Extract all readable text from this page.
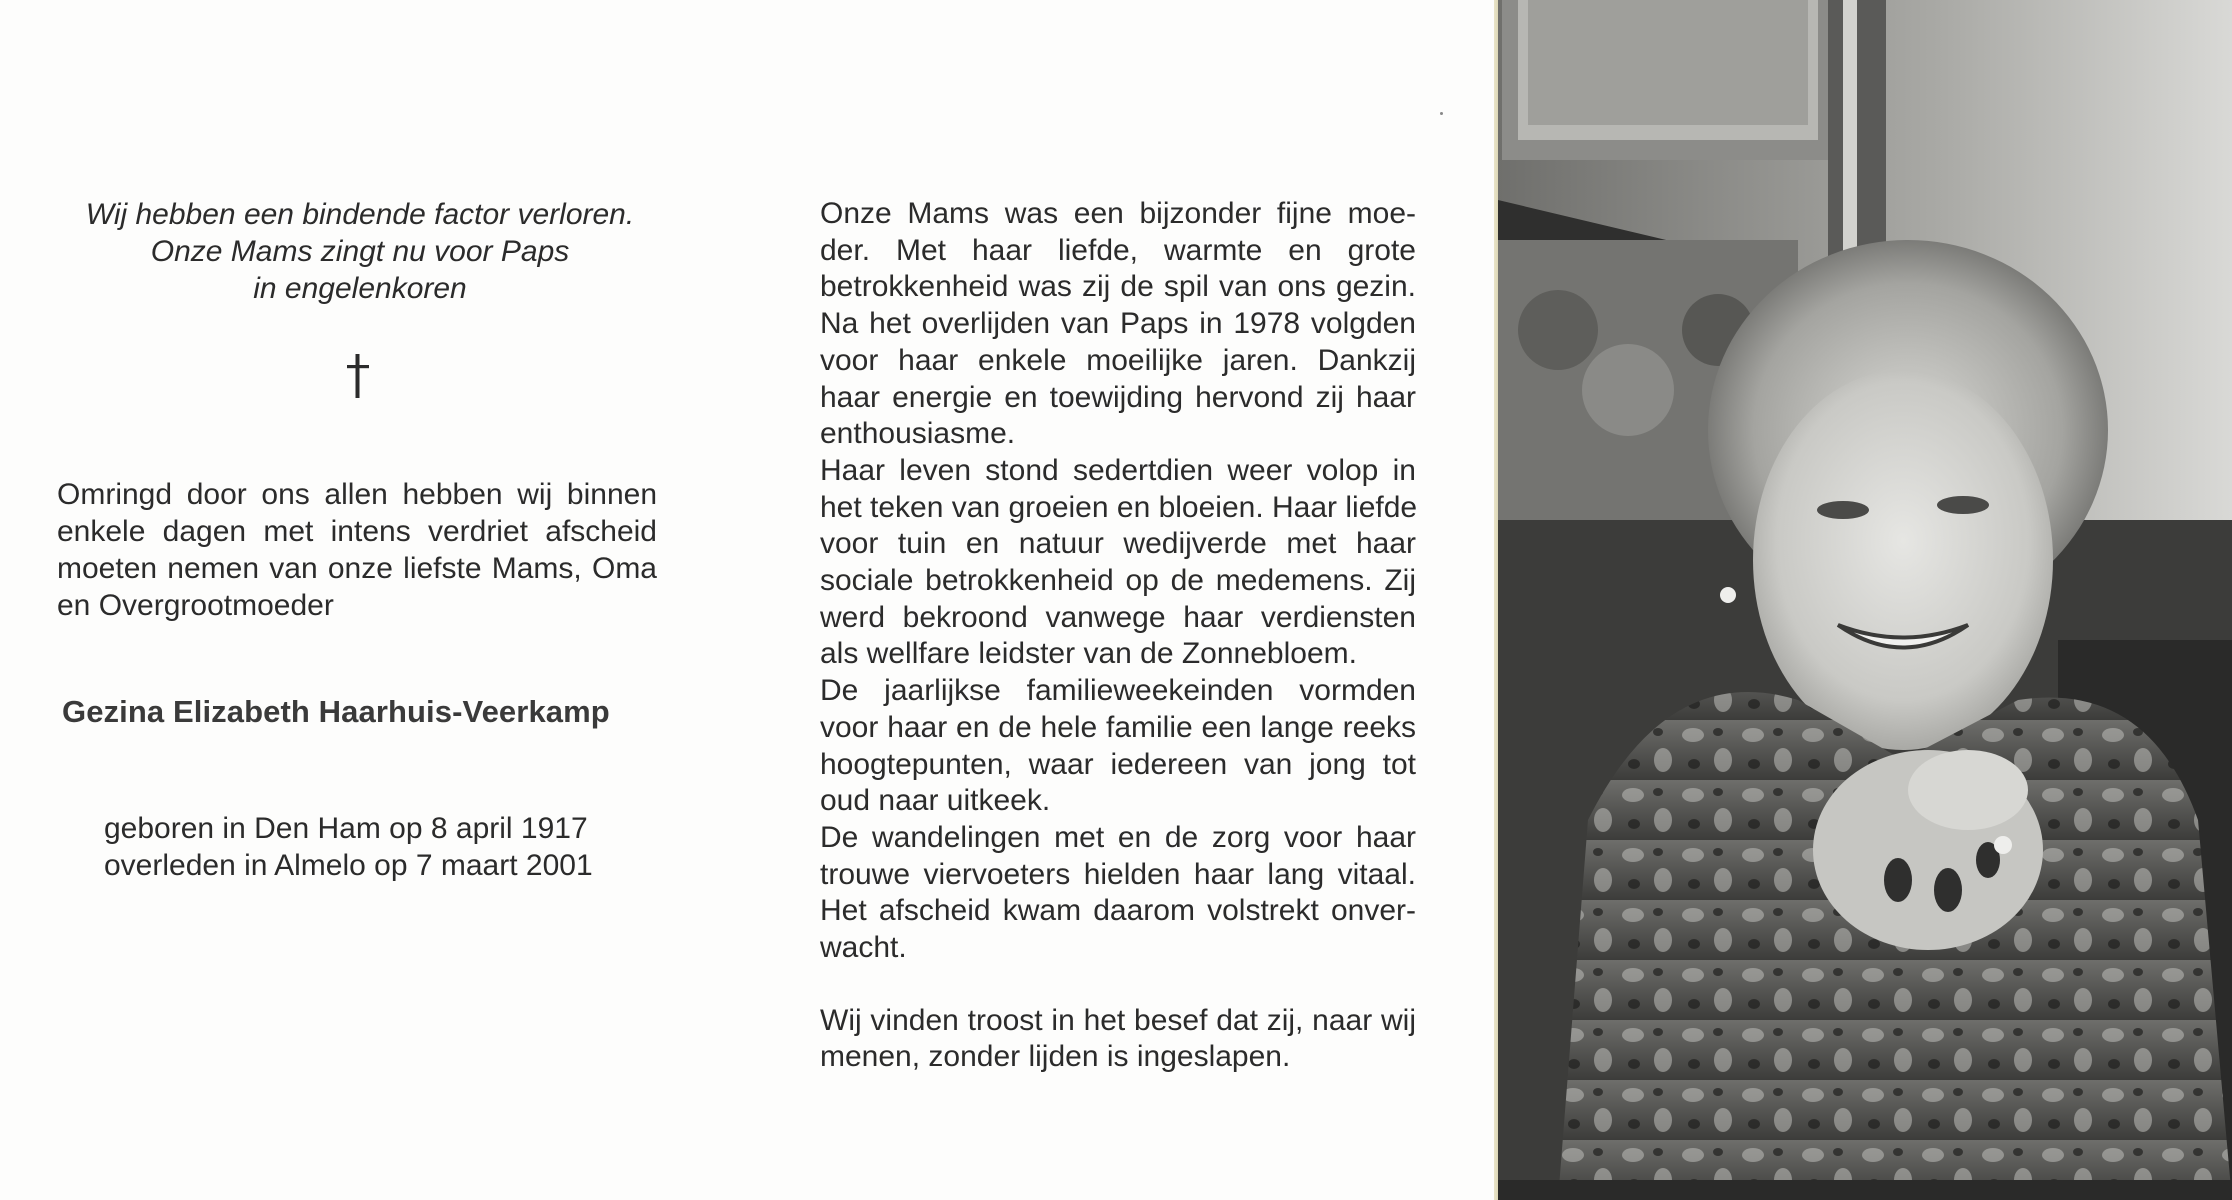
Wij hebben een bindende factor verloren.
Onze Mams zingt nu voor Paps
in engelenkoren
Omringd door ons allen hebben wij binnen
enkele dagen met intens verdriet afscheid
moeten nemen van onze liefste Mams, Oma
en Overgrootmoeder
Gezina Elizabeth Haarhuis-Veerkamp
geboren in Den Ham op 8 april 1917
overleden in Almelo op 7 maart 2001
Onze Mams was een bijzonder fijne moe-
der. Met haar liefde, warmte en grote
betrokkenheid was zij de spil van ons gezin.
Na het overlijden van Paps in 1978 volgden
voor haar enkele moeilijke jaren. Dankzij
haar energie en toewijding hervond zij haar
enthousiasme.
Haar leven stond sedertdien weer volop in
het teken van groeien en bloeien. Haar liefde
voor tuin en natuur wedijverde met haar
sociale betrokkenheid op de medemens. Zij
werd bekroond vanwege haar verdiensten
als wellfare leidster van de Zonnebloem.
De jaarlijkse familieweekeinden vormden
voor haar en de hele familie een lange reeks
hoogtepunten, waar iedereen van jong tot
oud naar uitkeek.
De wandelingen met en de zorg voor haar
trouwe viervoeters hielden haar lang vitaal.
Het afscheid kwam daarom volstrekt onver-
wacht.
Wij vinden troost in het besef dat zij, naar wij
menen, zonder lijden is ingeslapen.
